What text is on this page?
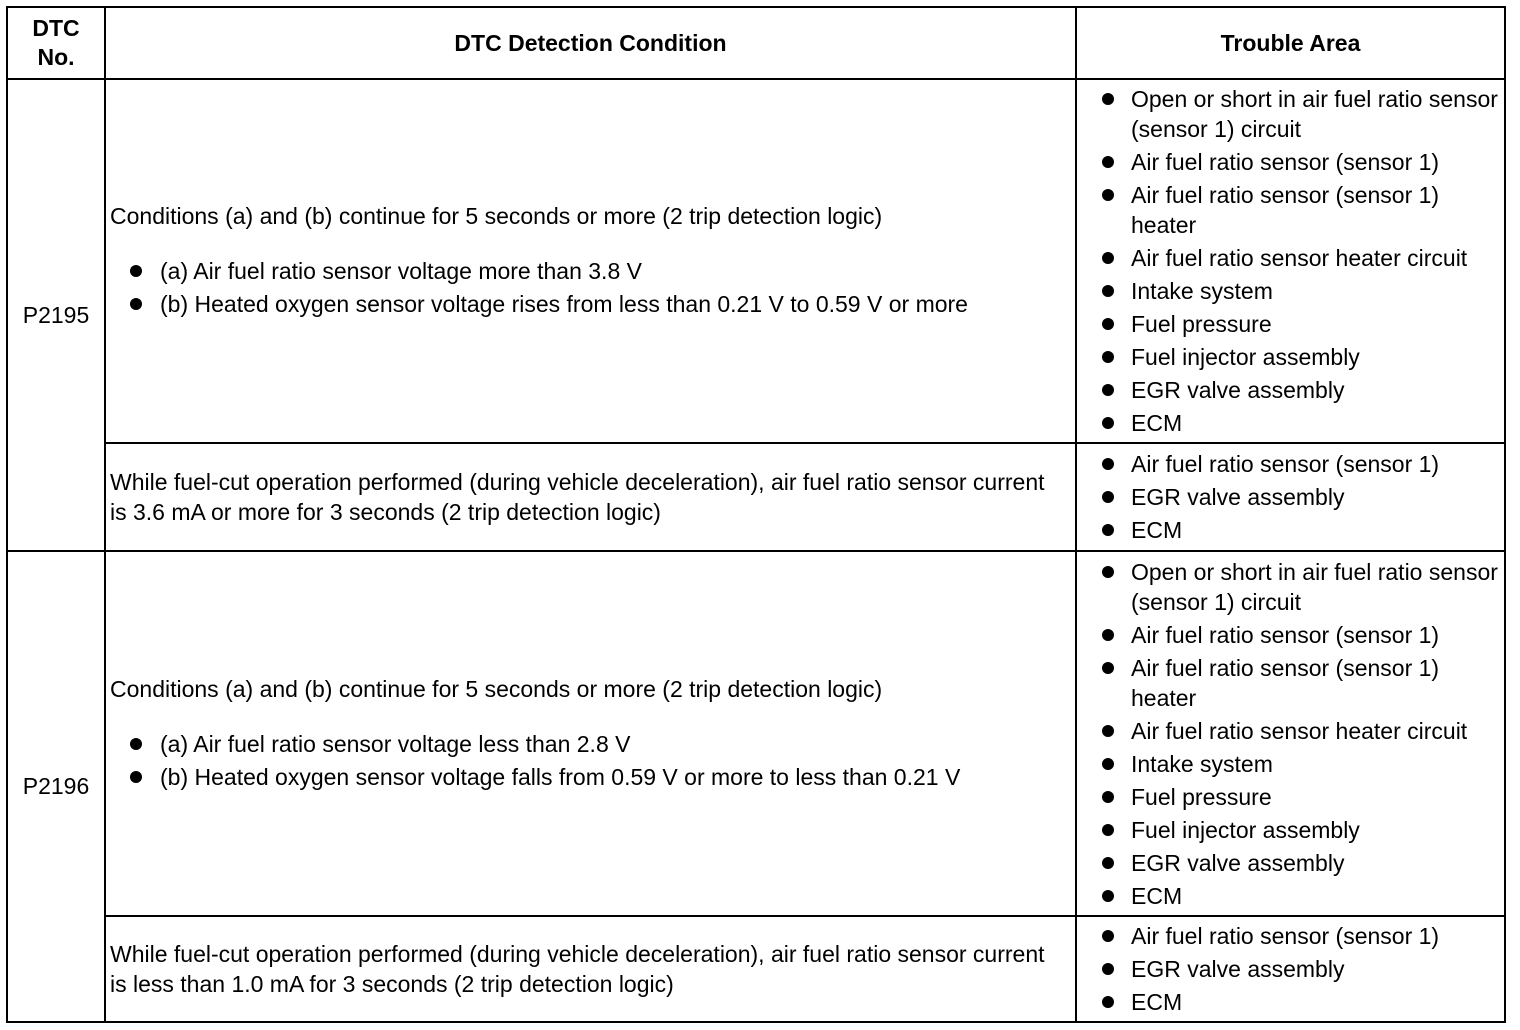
DTC
No.
DTC Detection Condition	Trouble Area
P2195
P2196

Conditions (a) and (b) continue for 5 seconds or more (2 trip detection logic)

(a) Air fuel ratio sensor voltage more than 3.8 V
(b) Heated oxygen sensor voltage rises from less than 0.21 V to 0.59 V or more
Open or short in air fuel ratio sensor (sensor 1) circuit
Air fuel ratio sensor (sensor 1)
Air fuel ratio sensor (sensor 1) heater
Air fuel ratio sensor heater circuit
Intake system
Fuel pressure
Fuel injector assembly
EGR valve assembly
ECM

While fuel-cut operation performed (during vehicle deceleration), air fuel ratio sensor current is 3.6 mA or more for 3 seconds (2 trip detection logic)

Air fuel ratio sensor (sensor 1)
EGR valve assembly
ECM

Conditions (a) and (b) continue for 5 seconds or more (2 trip detection logic)

(a) Air fuel ratio sensor voltage less than 2.8 V
(b) Heated oxygen sensor voltage falls from 0.59 V or more to less than 0.21 V
Open or short in air fuel ratio sensor (sensor 1) circuit
Air fuel ratio sensor (sensor 1)
Air fuel ratio sensor (sensor 1) heater
Air fuel ratio sensor heater circuit
Intake system
Fuel pressure
Fuel injector assembly
EGR valve assembly
ECM

While fuel-cut operation performed (during vehicle deceleration), air fuel ratio sensor current is less than 1.0 mA for 3 seconds (2 trip detection logic)

Air fuel ratio sensor (sensor 1)
EGR valve assembly
ECM
